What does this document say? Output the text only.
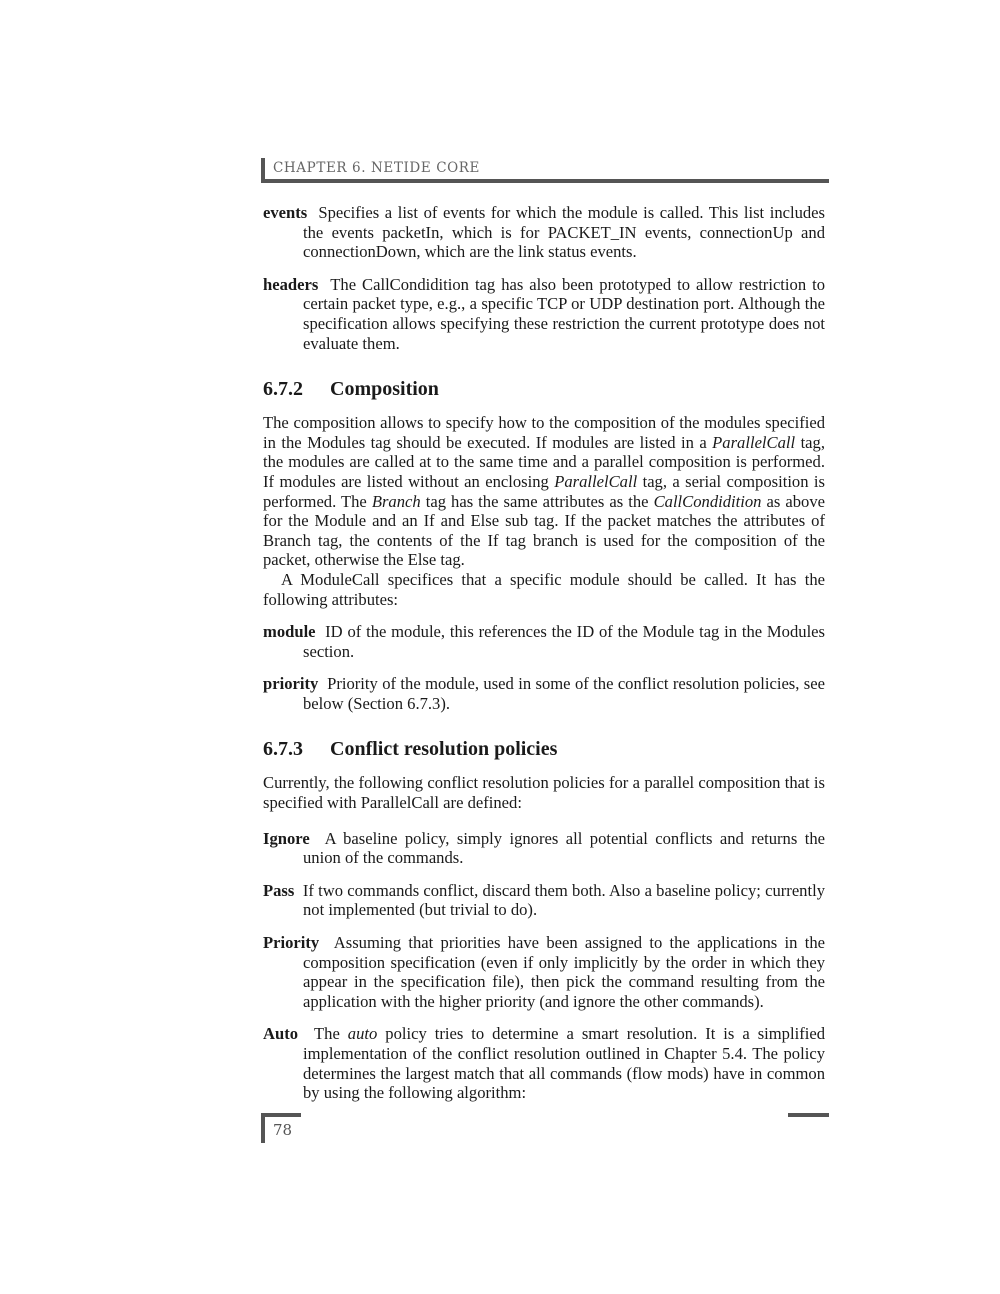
CHAPTER 6. NETIDE CORE

events Specifies a list of events for which the module is called. This list includes the events packetIn, which is for PACKET_IN events, connectionUp and connectionDown, which are the link status events.

headers The CallCondidition tag has also been prototyped to allow restriction to certain packet type, e.g., a specific TCP or UDP destination port. Although the specification allows specifying these restriction the current prototype does not evaluate them.

6.7.2 Composition

The composition allows to specify how to the composition of the modules specified in the Modules tag should be executed. If modules are listed in a ParallelCall tag, the modules are called at to the same time and a parallel composition is performed. If modules are listed without an enclosing ParallelCall tag, a serial composition is performed. The Branch tag has the same attributes as the CallCondidition as above for the Module and an If and Else sub tag. If the packet matches the attributes of Branch tag, the contents of the If tag branch is used for the composition of the packet, otherwise the Else tag.

A ModuleCall specifices that a specific module should be called. It has the following attributes:

module ID of the module, this references the ID of the Module tag in the Modules section.

priority Priority of the module, used in some of the conflict resolution policies, see below (Section 6.7.3).

6.7.3 Conflict resolution policies

Currently, the following conflict resolution policies for a parallel composition that is specified with ParallelCall are defined:

Ignore A baseline policy, simply ignores all potential conflicts and returns the union of the commands.

Pass If two commands conflict, discard them both. Also a baseline policy; currently not implemented (but trivial to do).

Priority Assuming that priorities have been assigned to the applications in the composition specification (even if only implicitly by the order in which they appear in the specification file), then pick the command resulting from the application with the higher priority (and ignore the other commands).

Auto The auto policy tries to determine a smart resolution. It is a simplified implementation of the conflict resolution outlined in Chapter 5.4. The policy determines the largest match that all commands (flow mods) have in common by using the following algorithm:

78
